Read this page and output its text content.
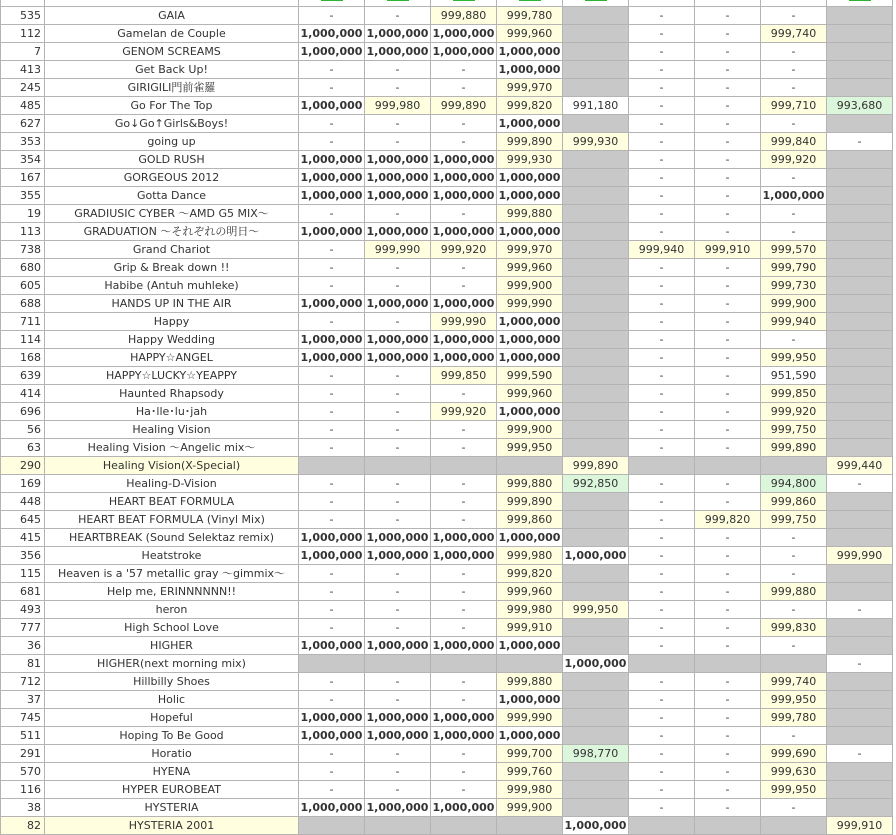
535	GAIA	-	-	999,880	999,780		-	-	-	
112	Gamelan de Couple	1,000,000	1,000,000	1,000,000	999,960		-	-	999,740	
7	GENOM SCREAMS	1,000,000	1,000,000	1,000,000	1,000,000		-	-	-	
413	Get Back Up!	-	-	-	1,000,000		-	-	-	
245	GIRIGILI門前雀羅	-	-	-	999,970		-	-	-	
485	Go For The Top	1,000,000	999,980	999,890	999,820	991,180	-	-	999,710	993,680
627	Go↓Go↑Girls&Boys!	-	-	-	1,000,000		-	-	-	
353	going up	-	-	-	999,890	999,930	-	-	999,840	-
354	GOLD RUSH	1,000,000	1,000,000	1,000,000	999,930		-	-	999,920	
167	GORGEOUS 2012	1,000,000	1,000,000	1,000,000	1,000,000		-	-	-	
355	Gotta Dance	1,000,000	1,000,000	1,000,000	1,000,000		-	-	1,000,000	
19	GRADIUSIC CYBER ～AMD G5 MIX～	-	-	-	999,880		-	-	-	
113	GRADUATION ～それぞれの明日～	1,000,000	1,000,000	1,000,000	1,000,000		-	-	-	
738	Grand Chariot	-	999,990	999,920	999,970		999,940	999,910	999,570	
680	Grip & Break down !!	-	-	-	999,960		-	-	999,790	
605	Habibe (Antuh muhleke)	-	-	-	999,900		-	-	999,730	
688	HANDS UP IN THE AIR	1,000,000	1,000,000	1,000,000	999,990		-	-	999,900	
711	Happy	-	-	999,990	1,000,000		-	-	999,940	
114	Happy Wedding	1,000,000	1,000,000	1,000,000	1,000,000		-	-	-	
168	HAPPY☆ANGEL	1,000,000	1,000,000	1,000,000	1,000,000		-	-	999,950	
639	HAPPY☆LUCKY☆YEAPPY	-	-	999,850	999,590		-	-	951,590	
414	Haunted Rhapsody	-	-	-	999,960		-	-	999,850	
696	Ha･lle･lu･jah	-	-	999,920	1,000,000		-	-	999,920	
56	Healing Vision	-	-	-	999,900		-	-	999,750	
63	Healing Vision ～Angelic mix～	-	-	-	999,950		-	-	999,890	
290	Healing Vision(X-Special)					999,890				999,440
169	Healing-D-Vision	-	-	-	999,880	992,850	-	-	994,800	-
448	HEART BEAT FORMULA	-	-	-	999,890		-	-	999,860	
645	HEART BEAT FORMULA (Vinyl Mix)	-	-	-	999,860		-	999,820	999,750	
415	HEARTBREAK (Sound Selektaz remix)	1,000,000	1,000,000	1,000,000	1,000,000		-	-	-	
356	Heatstroke	1,000,000	1,000,000	1,000,000	999,980	1,000,000	-	-	-	999,990
115	Heaven is a '57 metallic gray ～gimmix～	-	-	-	999,820		-	-	-	
681	Help me, ERINNNNNN!!	-	-	-	999,960		-	-	999,880	
493	heron	-	-	-	999,980	999,950	-	-	-	-
777	High School Love	-	-	-	999,910		-	-	999,830	
36	HIGHER	1,000,000	1,000,000	1,000,000	1,000,000		-	-	-	
81	HIGHER(next morning mix)					1,000,000				-
712	Hillbilly Shoes	-	-	-	999,880		-	-	999,740	
37	Holic	-	-	-	1,000,000		-	-	999,950	
745	Hopeful	1,000,000	1,000,000	1,000,000	999,990		-	-	999,780	
511	Hoping To Be Good	1,000,000	1,000,000	1,000,000	1,000,000		-	-	-	
291	Horatio	-	-	-	999,700	998,770	-	-	999,690	-
570	HYENA	-	-	-	999,760		-	-	999,630	
116	HYPER EUROBEAT	-	-	-	999,980		-	-	999,950	
38	HYSTERIA	1,000,000	1,000,000	1,000,000	999,900		-	-	-	
82	HYSTERIA 2001					1,000,000				999,910
